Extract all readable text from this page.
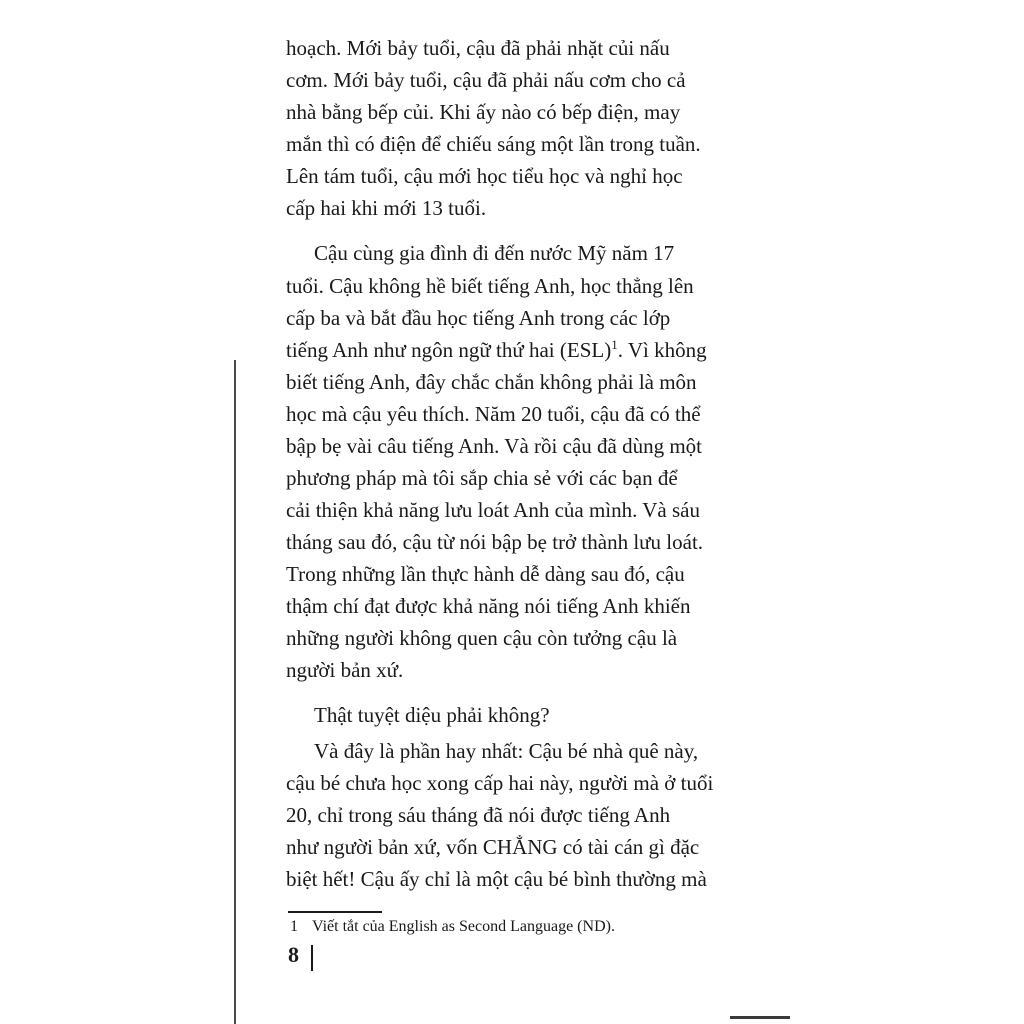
hoạch. Mới bảy tuổi, cậu đã phải nhặt củi nấu
cơm. Mới bảy tuổi, cậu đã phải nấu cơm cho cả
nhà bằng bếp củi. Khi ấy nào có bếp điện, may
mắn thì có điện để chiếu sáng một lần trong tuần.
Lên tám tuổi, cậu mới học tiểu học và nghỉ học
cấp hai khi mới 13 tuổi.
Cậu cùng gia đình đi đến nước Mỹ năm 17
tuổi. Cậu không hề biết tiếng Anh, học thẳng lên
cấp ba và bắt đầu học tiếng Anh trong các lớp
tiếng Anh như ngôn ngữ thứ hai (ESL)$^1$. Vì không
biết tiếng Anh, đây chắc chắn không phải là môn
học mà cậu yêu thích. Năm 20 tuổi, cậu đã có thể
bập bẹ vài câu tiếng Anh. Và rồi cậu đã dùng một
phương pháp mà tôi sắp chia sẻ với các bạn để
cải thiện khả năng lưu loát Anh của mình. Và sáu
tháng sau đó, cậu từ nói bập bẹ trở thành lưu loát.
Trong những lần thực hành dễ dàng sau đó, cậu
thậm chí đạt được khả năng nói tiếng Anh khiến
những người không quen cậu còn tưởng cậu là
người bản xứ.
Thật tuyệt diệu phải không?
Và đây là phần hay nhất: Cậu bé nhà quê này,
cậu bé chưa học xong cấp hai này, người mà ở tuổi
20, chỉ trong sáu tháng đã nói được tiếng Anh
như người bản xứ, vốn CHẲNG có tài cán gì đặc
biệt hết! Cậu ấy chỉ là một cậu bé bình thường mà
1 Viết tắt của English as Second Language (ND).
8
